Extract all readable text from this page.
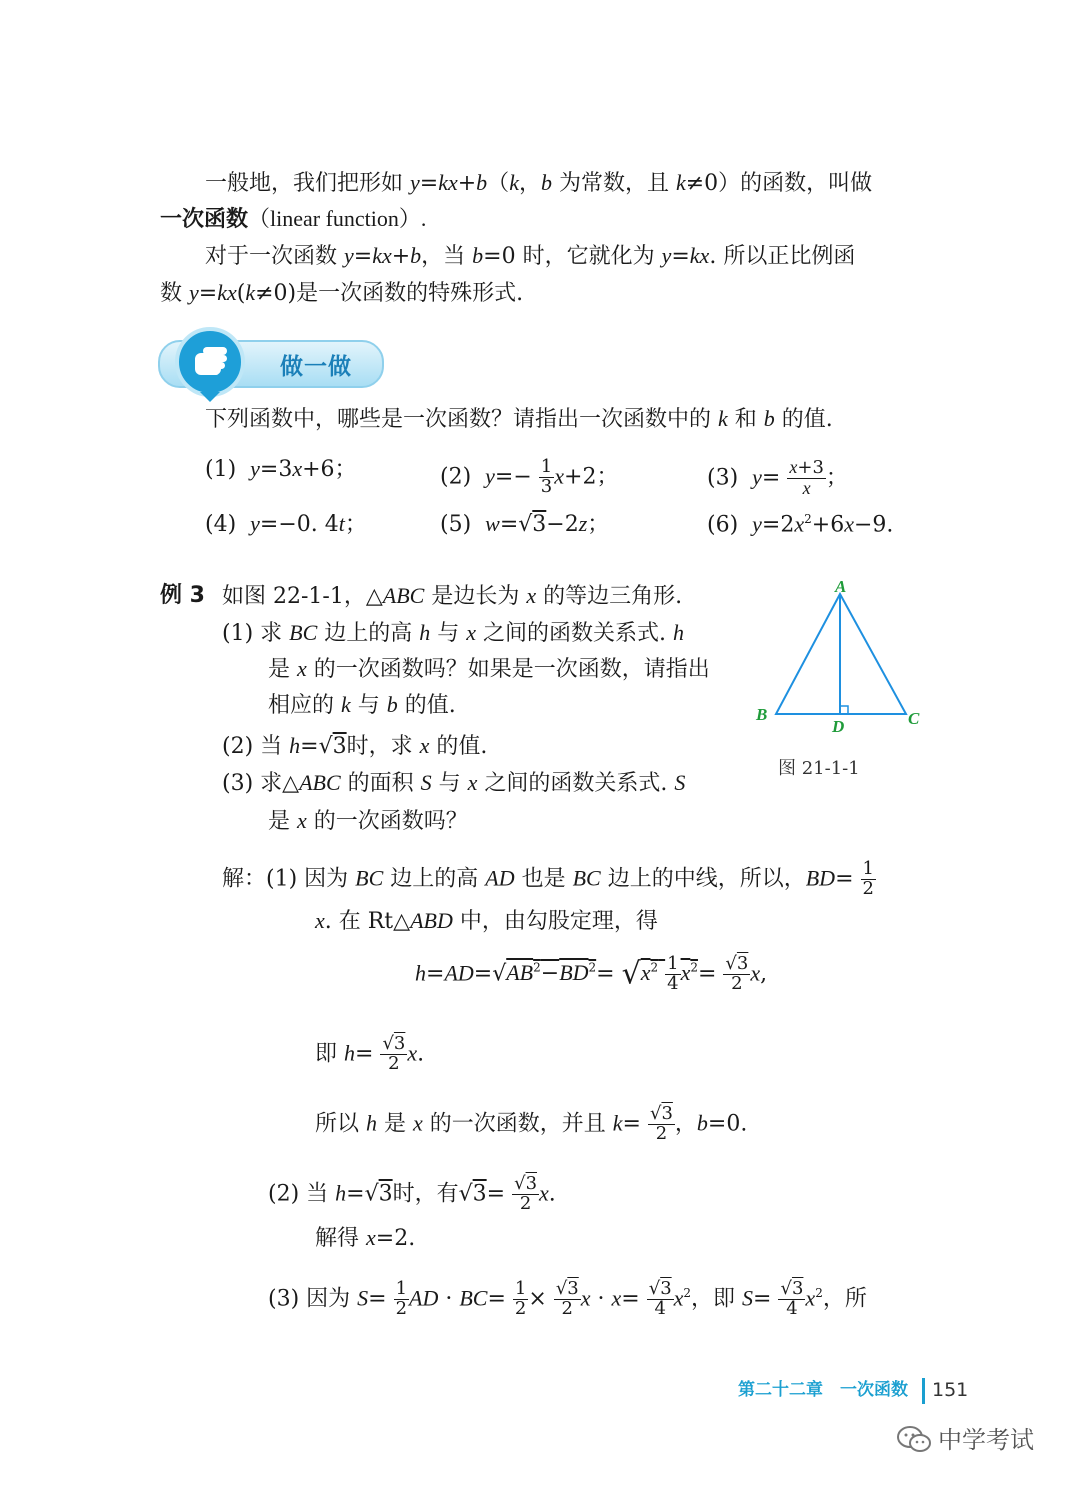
一般地，我们把形如 y=kx+b（k，b 为常数，且 k≠0）的函数，叫做
一次函数（linear function）.
对于一次函数 y=kx+b，当 b=0 时，它就化为 y=kx. 所以正比例函
数 y=kx(k≠0)是一次函数的特殊形式.
做一做
下列函数中，哪些是一次函数？请指出一次函数中的 k 和 b 的值.
(1)  y=3x+6；	(2)  $y=- \frac{1}{3} x+2$；	(3)  $y= \frac{x+3}{x}$ ；
(4)  y=−0. 4t；	(5)  w=√3−2z；	(6)  $y=2x^2+6x-9$.
例 3 如图 22-1-1，△ABC 是边长为 x 的等边三角形.
(1) 求 BC 边上的高 h 与 x 之间的函数关系式. h
是 x 的一次函数吗？如果是一次函数，请指出
相应的 k 与 b 的值.
(2) 当 h=√3时，求 x 的值.
(3) 求△ABC 的面积 S 与 x 之间的函数关系式. S
是 x 的一次函数吗？
A
B	C
D
图 21-1-1
解：(1) 因为 BC 边上的高 AD 也是 BC 边上的中线，所以，$BD= \frac{1}{2}$
x. 在 Rt△ABD 中，由勾股定理，得
$h=AD=√AB^2-BD^2= √x^2 \frac{1}{4} x^2= \frac{√3}{2} x$,
即 $h= \frac{√3}{2} x$.
所以 h 是 x 的一次函数，并且 $k= \frac{√3}{2}$ ，b=0.
(2) 当 h=√3时，有$√3= \frac{√3}{2} x$.
解得 x=2.
(3) 因为 $S= \frac{1}{2}$ AD · $BC= \frac{1}{2} \times \frac{√3}{2}$ $x \cdot x= \frac{√3}{4} x^2$，即 $S= \frac{√3}{4} x^2$，所
第二十二章　一次函数 151
中学考试
